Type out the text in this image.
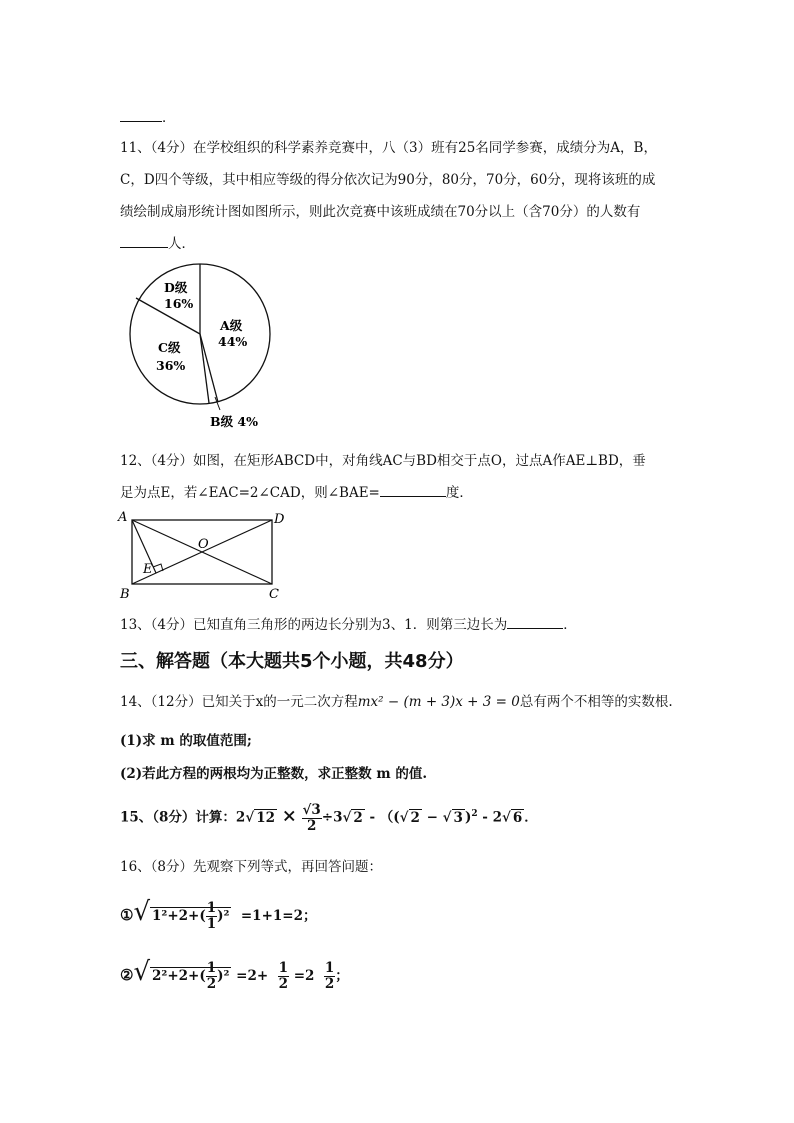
．
11、（4分）在学校组织的科学素养竞赛中，八（3）班有25名同学参赛，成绩分为A，B，
C，D四个等级，其中相应等级的得分依次记为90分，80分，70分，60分，现将该班的成
绩绘制成扇形统计图如图所示，则此次竞赛中该班成绩在70分以上（含70分）的人数有
人．
D级
16%
A级
44%
C级
36%
B级 4%
12、（4分）如图，在矩形ABCD中，对角线AC与BD相交于点O，过点A作AE⊥BD，垂
足为点E，若∠EAC=2∠CAD，则∠BAE=	度．
A	D
B	C
O
E
13、（4分）已知直角三角形的两边长分别为3、1．则第三边长为	．
三、解答题（本大题共5个小题，共48分）
14、（12分）已知关于x的一元二次方程mx² − (m + 3)x + 3 = 0总有两个不相等的实数根.
(1)求 m 的取值范围;
(2)若此方程的两根均为正整数，求正整数 m 的值.
15、（8分）计算：2√ $12 \times \frac{√3}{2} \div 3√$ 2 - （(√ 2 − √ 3 )$^2$ - 2√ 6 ．
16、（8分）先观察下列等式，再回答问题：
①√ $1^2+2+( \frac{1}{1} )^2 =1+1=2$；
②√ $2^2+2+( \frac{1}{2} )^2 =2+ \frac{1}{2} =2 \frac{1}{2}$ ；
